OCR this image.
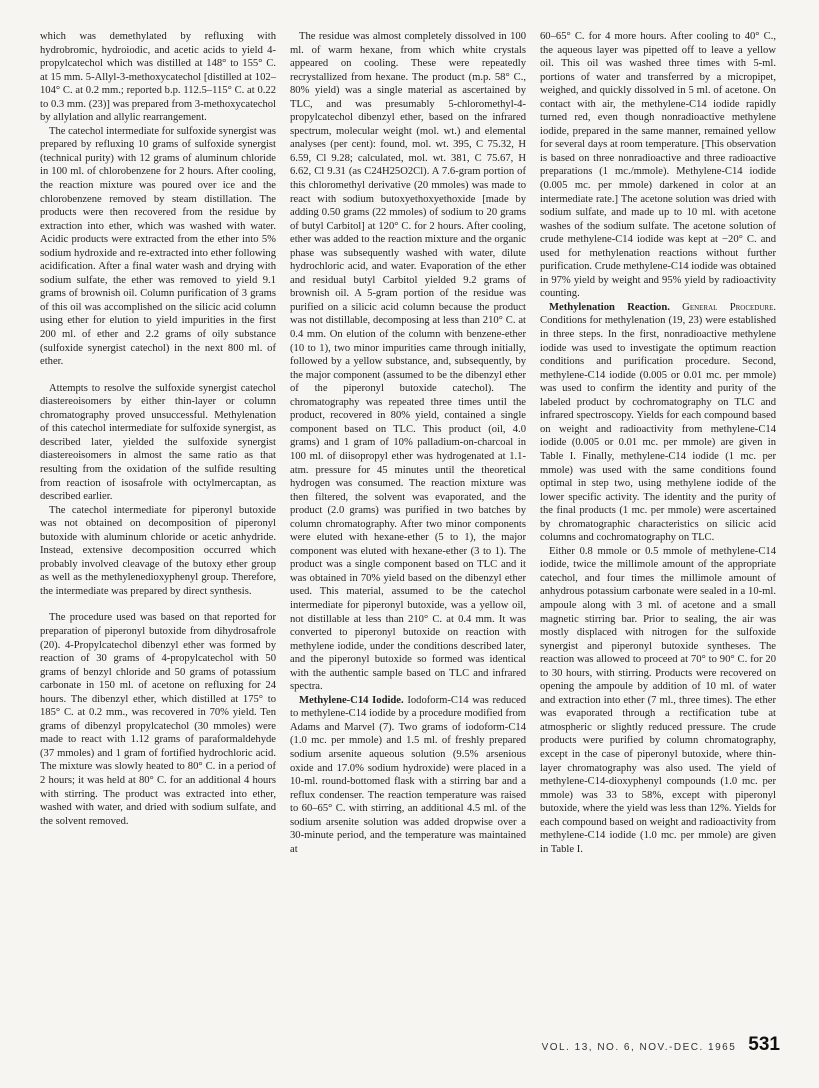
which was demethylated by refluxing with hydrobromic, hydroiodic, and acetic acids to yield 4-propylcatechol which was distilled at 148° to 155° C. at 15 mm. 5-Allyl-3-methoxycatechol [distilled at 102–104° C. at 0.2 mm.; reported b.p. 112.5–115° C. at 0.22 to 0.3 mm. (23)] was prepared from 3-methoxycatechol by allylation and allylic rearrangement.

The catechol intermediate for sulfoxide synergist was prepared by refluxing 10 grams of sulfoxide synergist (technical purity) with 12 grams of aluminum chloride in 100 ml. of chlorobenzene for 2 hours. After cooling, the reaction mixture was poured over ice and the chlorobenzene removed by steam distillation. The products were then recovered from the residue by extraction into ether, which was washed with water. Acidic products were extracted from the ether into 5% sodium hydroxide and re-extracted into ether following acidification. After a final water wash and drying with sodium sulfate, the ether was removed to yield 9.1 grams of brownish oil. Column purification of 3 grams of this oil was accomplished on the silicic acid column using ether for elution to yield impurities in the first 200 ml. of ether and 2.2 grams of oily substance (sulfoxide synergist catechol) in the next 800 ml. of ether.

Attempts to resolve the sulfoxide synergist catechol diastereoisomers by either thin-layer or column chromatography proved unsuccessful. Methylenation of this catechol intermediate for sulfoxide synergist, as described later, yielded the sulfoxide synergist diastereoisomers in almost the same ratio as that resulting from the oxidation of the sulfide resulting from reaction of isosafrole with octylmercaptan, as described earlier.

The catechol intermediate for piperonyl butoxide was not obtained on decomposition of piperonyl butoxide with aluminum chloride or acetic anhydride. Instead, extensive decomposition occurred which probably involved cleavage of the butoxy ether group as well as the methylenedioxyphenyl group. Therefore, the intermediate was prepared by direct synthesis.

The procedure used was based on that reported for preparation of piperonyl butoxide from dihydrosafrole (20). 4-Propylcatechol dibenzyl ether was formed by reaction of 30 grams of 4-propylcatechol with 50 grams of benzyl chloride and 50 grams of potassium carbonate in 150 ml. of acetone on refluxing for 24 hours. The dibenzyl ether, which distilled at 175° to 185° C. at 0.2 mm., was recovered in 70% yield. Ten grams of dibenzyl propylcatechol (30 mmoles) were made to react with 1.12 grams of paraformaldehyde (37 mmoles) and 1 gram of fortified hydrochloric acid. The mixture was slowly heated to 80° C. in a period of 2 hours; it was held at 80° C. for an additional 4 hours with stirring. The product was extracted into ether, washed with water, and dried with sodium sulfate, and the solvent removed.

The residue was almost completely dissolved in 100 ml. of warm hexane, from which white crystals appeared on cooling. These were repeatedly recrystallized from hexane. The product (m.p. 58° C., 80% yield) was a single material as ascertained by TLC, and was presumably 5-chloromethyl-4-propylcatechol dibenzyl ether, based on the infrared spectrum, molecular weight (mol. wt.) and elemental analyses (per cent): found, mol. wt. 395, C 75.32, H 6.59, Cl 9.28; calculated, mol. wt. 381, C 75.67, H 6.62, Cl 9.31 (as C24H25O2Cl). A 7.6-gram portion of this chloromethyl derivative (20 mmoles) was made to react with sodium butoxyethoxyethoxide [made by adding 0.50 grams (22 mmoles) of sodium to 20 grams of butyl Carbitol] at 120° C. for 2 hours. After cooling, ether was added to the reaction mixture and the organic phase was subsequently washed with water, dilute hydrochloric acid, and water. Evaporation of the ether and residual butyl Carbitol yielded 9.2 grams of brownish oil. A 5-gram portion of the residue was purified on a silicic acid column because the product was not distillable, decomposing at less than 210° C. at 0.4 mm. On elution of the column with benzene-ether (10 to 1), two minor impurities came through initially, followed by a yellow substance, and, subsequently, by the major component (assumed to be the dibenzyl ether of the piperonyl butoxide catechol). The chromatography was repeated three times until the product, recovered in 80% yield, contained a single component based on TLC. This product (oil, 4.0 grams) and 1 gram of 10% palladium-on-charcoal in 100 ml. of diisopropyl ether was hydrogenated at 1.1-atm. pressure for 45 minutes until the theoretical hydrogen was consumed. The reaction mixture was then filtered, the solvent was evaporated, and the product (2.0 grams) was purified in two batches by column chromatography. After two minor components were eluted with hexane-ether (5 to 1), the major component was eluted with hexane-ether (3 to 1). The product was a single component based on TLC and it was obtained in 70% yield based on the dibenzyl ether used. This material, assumed to be the catechol intermediate for piperonyl butoxide, was a yellow oil, not distillable at less than 210° C. at 0.4 mm. It was converted to piperonyl butoxide on reaction with methylene iodide, under the conditions described later, and the piperonyl butoxide so formed was identical with the authentic sample based on TLC and infrared spectra.

Methylene-C14 Iodide. Iodoform-C14 was reduced to methylene-C14 iodide by a procedure modified from Adams and Marvel (7). Two grams of iodoform-C14 (1.0 mc. per mmole) and 1.5 ml. of freshly prepared sodium arsenite aqueous solution (9.5% arsenious oxide and 17.0% sodium hydroxide) were placed in a 10-ml. round-bottomed flask with a stirring bar and a reflux condenser. The reaction temperature was raised to 60–65° C. with stirring, an additional 4.5 ml. of the sodium arsenite solution was added dropwise over a 30-minute period, and the temperature was maintained at

60–65° C. for 4 more hours. After cooling to 40° C., the aqueous layer was pipetted off to leave a yellow oil. This oil was washed three times with 5-ml. portions of water and transferred by a micropipet, weighed, and quickly dissolved in 5 ml. of acetone. On contact with air, the methylene-C14 iodide rapidly turned red, even though nonradioactive methylene iodide, prepared in the same manner, remained yellow for several days at room temperature. [This observation is based on three nonradioactive and three radioactive preparations (1 mc./mmole). Methylene-C14 iodide (0.005 mc. per mmole) darkened in color at an intermediate rate.] The acetone solution was dried with sodium sulfate, and made up to 10 ml. with acetone washes of the sodium sulfate. The acetone solution of crude methylene-C14 iodide was kept at −20° C. and used for methylenation reactions without further purification. Crude methylene-C14 iodide was obtained in 97% yield by weight and 95% yield by radioactivity counting.

Methylenation Reaction. General Procedure. Conditions for methylenation (19, 23) were established in three steps. In the first, nonradioactive methylene iodide was used to investigate the optimum reaction conditions and purification procedure. Second, methylene-C14 iodide (0.005 or 0.01 mc. per mmole) was used to confirm the identity and purity of the labeled product by cochromatography on TLC and infrared spectroscopy. Yields for each compound based on weight and radioactivity from methylene-C14 iodide (0.005 or 0.01 mc. per mmole) are given in Table I. Finally, methylene-C14 iodide (1 mc. per mmole) was used with the same conditions found optimal in step two, using methylene iodide of the lower specific activity. The identity and the purity of the final products (1 mc. per mmole) were ascertained by chromatographic characteristics on silicic acid columns and cochromatography on TLC.

Either 0.8 mmole or 0.5 mmole of methylene-C14 iodide, twice the millimole amount of the appropriate catechol, and four times the millimole amount of anhydrous potassium carbonate were sealed in a 10-ml. ampoule along with 3 ml. of acetone and a small magnetic stirring bar. Prior to sealing, the air was mostly displaced with nitrogen for the sulfoxide synergist and piperonyl butoxide syntheses. The reaction was allowed to proceed at 70° to 90° C. for 20 to 30 hours, with stirring. Products were recovered on opening the ampoule by addition of 10 ml. of water and extraction into ether (7 ml., three times). The ether was evaporated through a rectification tube at atmospheric or slightly reduced pressure. The crude products were purified by column chromatography, except in the case of piperonyl butoxide, where thin-layer chromatography was also used. The yield of methylene-C14-dioxyphenyl compounds (1.0 mc. per mmole) was 33 to 58%, except with piperonyl butoxide, where the yield was less than 12%. Yields for each compound based on weight and radioactivity from methylene-C14 iodide (1.0 mc. per mmole) are given in Table I.

VOL. 13, NO. 6, NOV.-DEC. 1965 531
